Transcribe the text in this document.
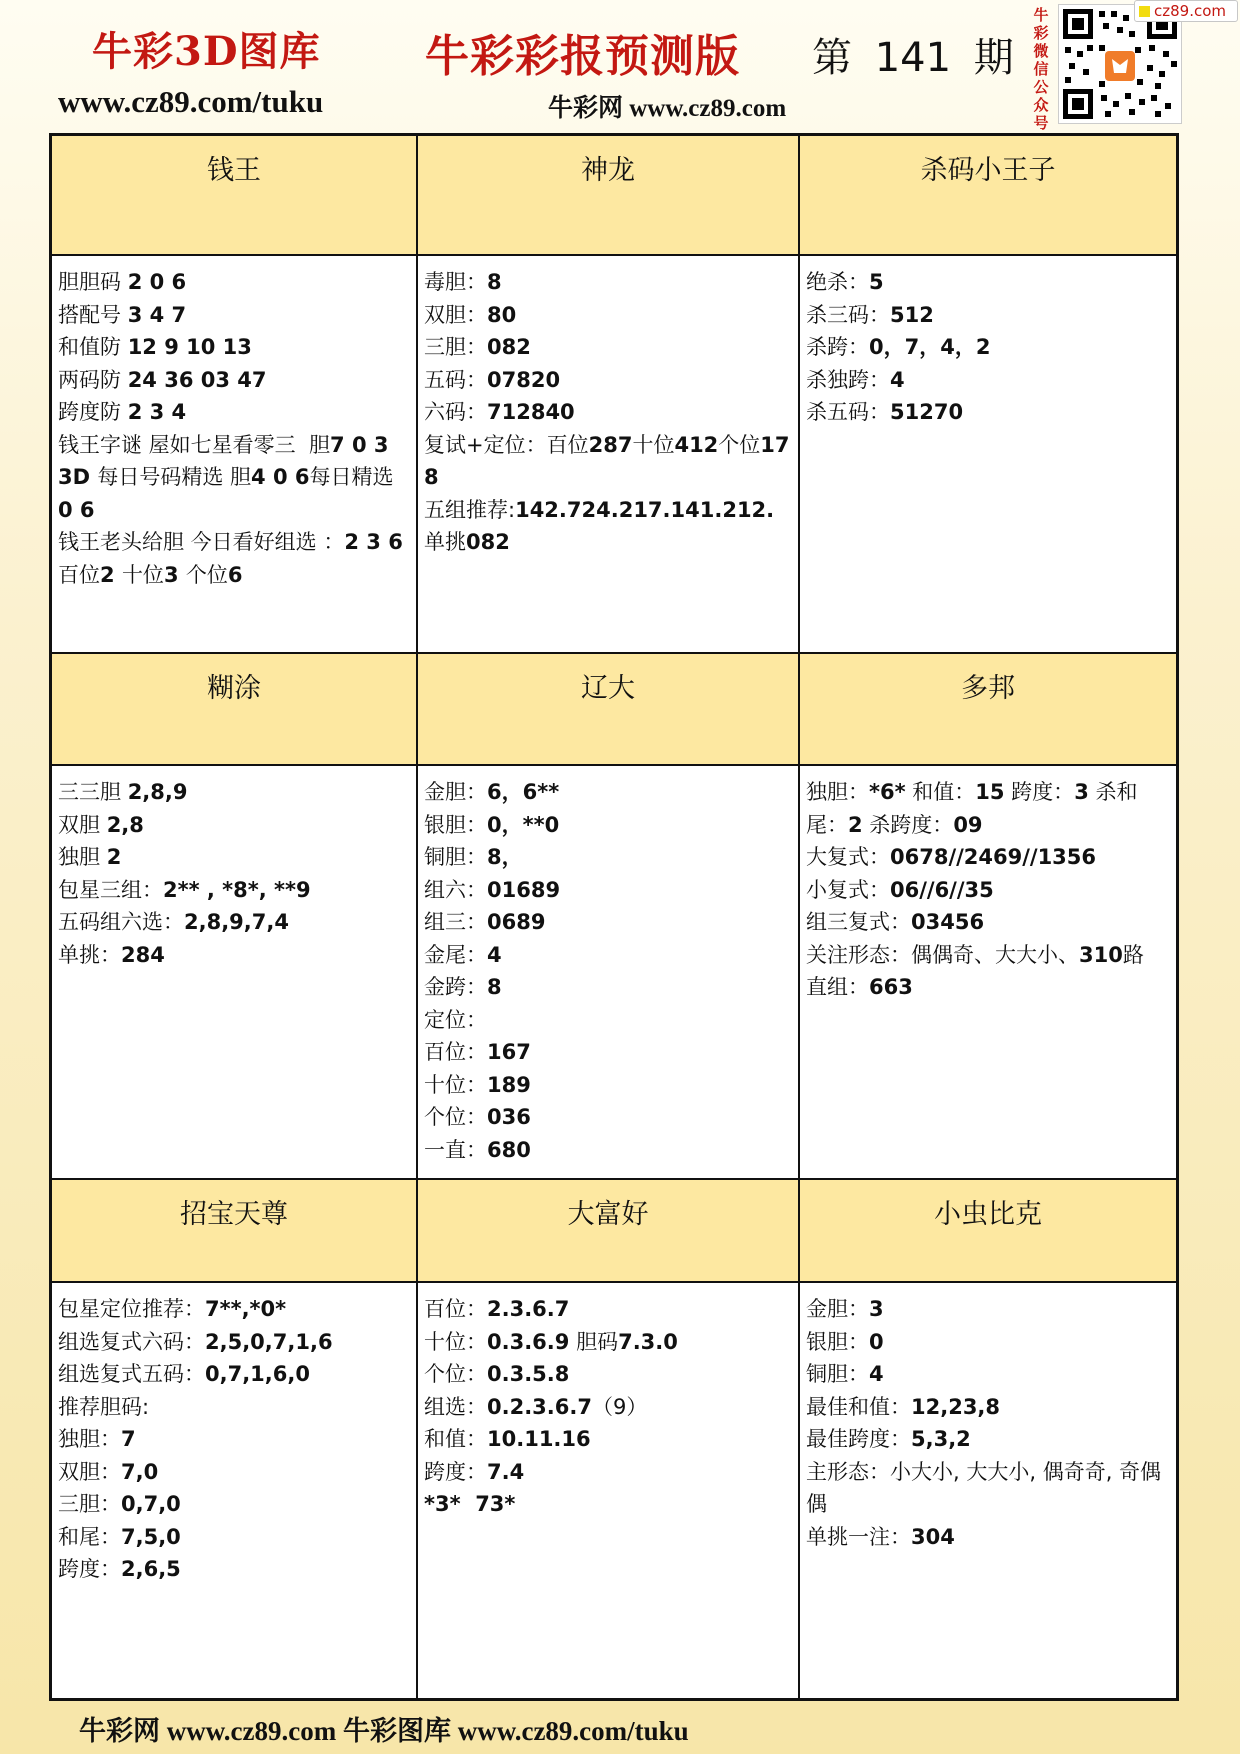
牛彩3D图库
www.cz89.com/tuku
牛彩彩报预测版
牛彩网 www.cz89.com
第 141 期
牛彩微信公众号
cz89.com
钱王	神龙	杀码小王子
胆胆码 2 0 6
搭配号 3 4 7
和值防 12 9 10 13
两码防 24 36 03 47
跨度防 2 3 4
钱王字谜 屋如七星看零三  胆7 0 3
3D 每日号码精选 胆4 0 6每日精选 0 6
钱王老头给胆 今日看好组选 ：2 3 6百位2 十位3 个位6
毒胆：8
双胆：80
三胆：082
五码：07820
六码：712840
复试+定位：百位287十位412个位178
五组推荐:142.724.217.141.212.
单挑082
绝杀：5
杀三码：512
杀跨：0，7，4，2
杀独跨：4
杀五码：51270
糊涂	辽大	多邦
三三胆 2,8,9
双胆 2,8
独胆 2
包星三组：2** , *8*, **9
五码组六选：2,8,9,7,4
单挑：284
金胆：6，6**
银胆：0，**0
铜胆：8，
组六：01689
组三：0689
金尾：4
金跨：8
定位：
百位：167
十位：189
个位：036
一直：680
独胆：*6* 和值：15 跨度：3 杀和尾：2 杀跨度：09
大复式：0678//2469//1356
小复式：06//6//35
组三复式：03456
关注形态：偶偶奇、大大小、310路
直组：663
招宝天尊	大富好	小虫比克
包星定位推荐：7**,*0*
组选复式六码：2,5,0,7,1,6
组选复式五码：0,7,1,6,0
推荐胆码:
独胆：7
双胆：7,0
三胆：0,7,0
和尾：7,5,0
跨度：2,6,5
百位：2.3.6.7
十位：0.3.6.9 胆码7.3.0
个位：0.3.5.8
组选：0.2.3.6.7（9）
和值：10.11.16
跨度：7.4
*3*  73*
金胆：3
银胆：0
铜胆：4
最佳和值：12,23,8
最佳跨度：5,3,2
主形态：小大小, 大大小, 偶奇奇, 奇偶偶
单挑一注：304
牛彩网 www.cz89.com 牛彩图库 www.cz89.com/tuku
